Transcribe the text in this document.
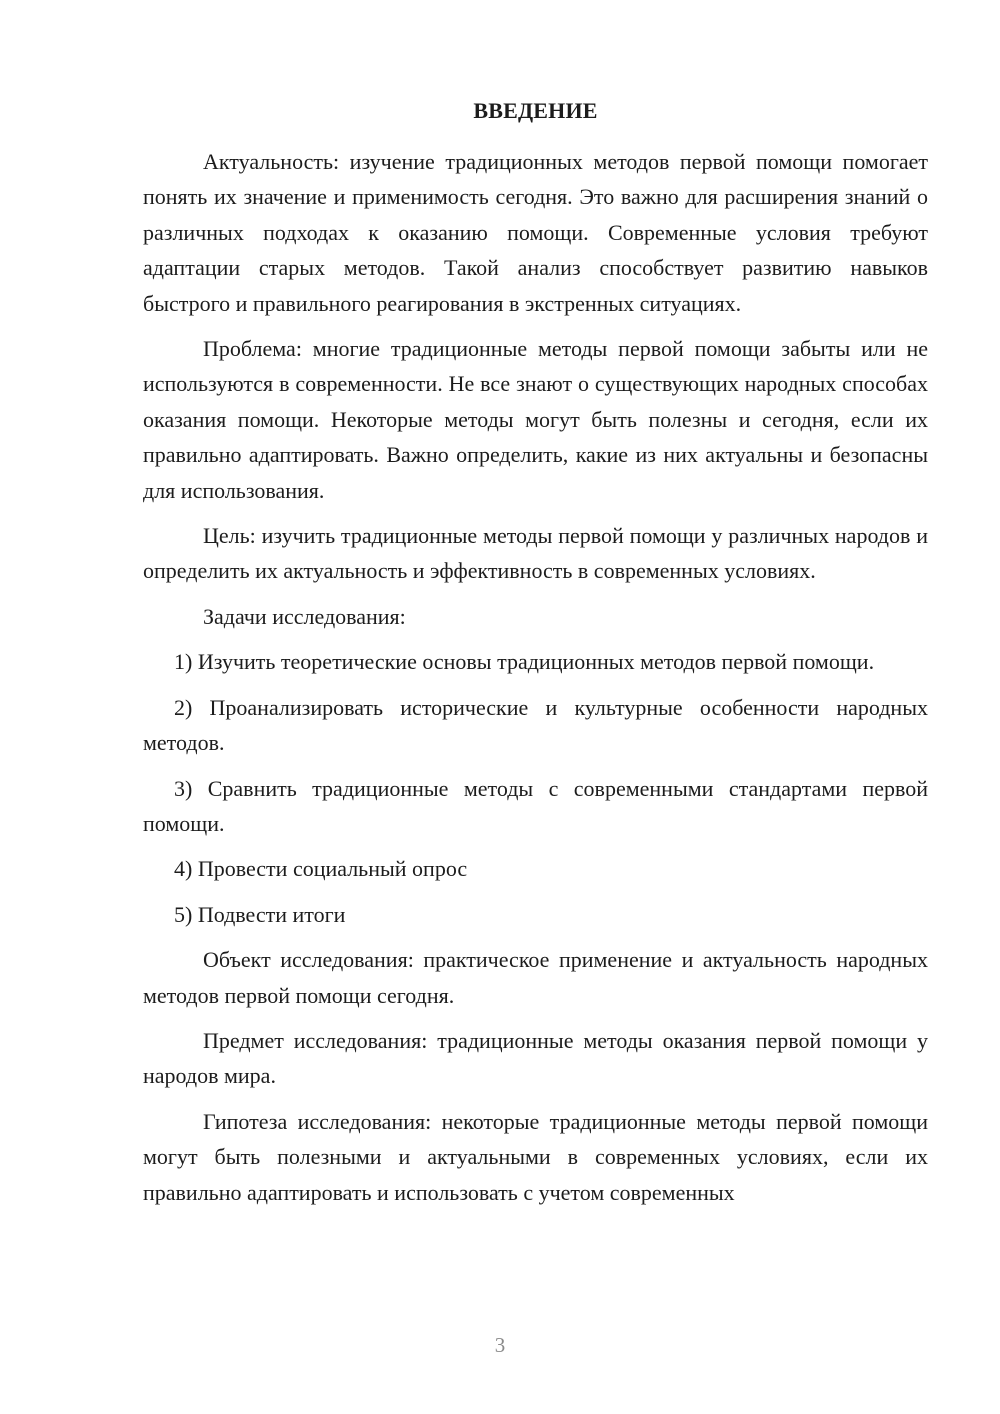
ВВЕДЕНИЕ

Актуальность: изучение традиционных методов первой помощи помогает понять их значение и применимость сегодня. Это важно для расширения знаний о различных подходах к оказанию помощи. Современные условия требуют адаптации старых методов. Такой анализ способствует развитию навыков быстрого и правильного реагирования в экстренных ситуациях.

Проблема: многие традиционные методы первой помощи забыты или не используются в современности. Не все знают о существующих народных способах оказания помощи. Некоторые методы могут быть полезны и сегодня, если их правильно адаптировать. Важно определить, какие из них актуальны и безопасны для использования.

Цель: изучить традиционные методы первой помощи у различных народов и определить их актуальность и эффективность в современных условиях.

Задачи исследования:

1) Изучить теоретические основы традиционных методов первой помощи.

2) Проанализировать исторические и культурные особенности народных методов.

3) Сравнить традиционные методы с современными стандартами первой помощи.

4) Провести социальный опрос

5) Подвести итоги

Объект исследования: практическое применение и актуальность народных методов первой помощи сегодня.

Предмет исследования: традиционные методы оказания первой помощи у народов мира.

Гипотеза исследования: некоторые традиционные методы первой помощи могут быть полезными и актуальными в современных условиях, если их правильно адаптировать и использовать с учетом современных

3
